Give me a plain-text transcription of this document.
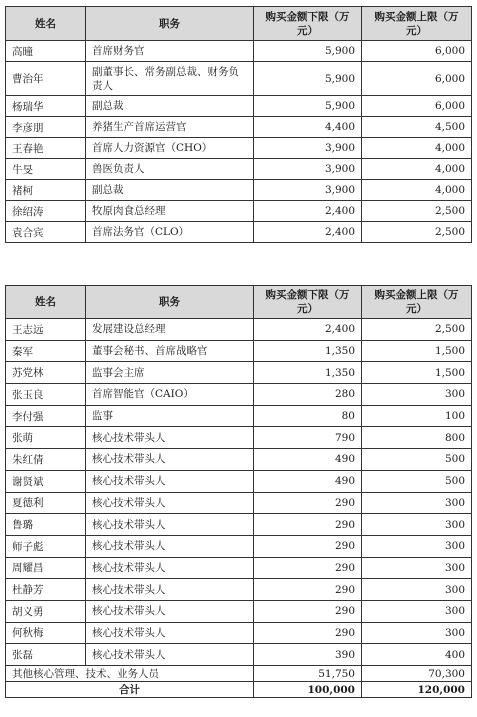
姓名	职务	购买金额下限（万元）	购买金额上限（万元）
高曈	首席财务官	5,900	6,000
曹治年	副董事长、常务副总裁、财务负责人	5,900	6,000
杨瑞华	副总裁	5,900	6,000
李彦朋	养猪生产首席运营官	4,400	4,500
王春艳	首席人力资源官（CHO）	3,900	4,000
牛旻	兽医负责人	3,900	4,000
褚柯	副总裁	3,900	4,000
徐绍涛	牧原肉食总经理	2,400	2,500
袁合宾	首席法务官（CLO）	2,400	2,500
姓名	职务	购买金额下限（万元）	购买金额上限（万元）
王志远	发展建设总经理	2,400	2,500
秦军	董事会秘书、首席战略官	1,350	1,500
苏党林	监事会主席	1,350	1,500
张玉良	首席智能官（CAIO）	280	300
李付强	监事	80	100
张萌	核心技术带头人	790	800
朱红倩	核心技术带头人	490	500
谢贤斌	核心技术带头人	490	500
夏德利	核心技术带头人	290	300
鲁璐	核心技术带头人	290	300
师子彪	核心技术带头人	290	300
周耀昌	核心技术带头人	290	300
杜静芳	核心技术带头人	290	300
胡义勇	核心技术带头人	290	300
何秋梅	核心技术带头人	290	300
张磊	核心技术带头人	390	400
其他核心管理、技术、业务人员		51,750	70,300
合计		100,000	120,000
